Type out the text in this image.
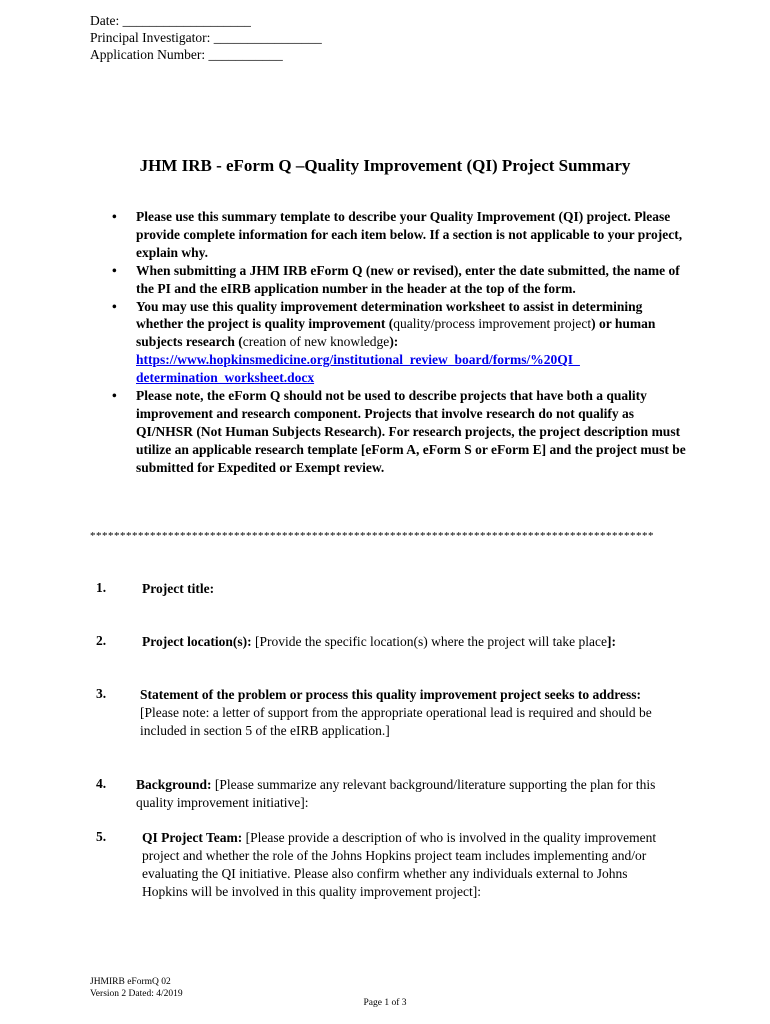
Date: ___________________
Principal Investigator: ________________
Application Number: ___________
JHM IRB - eForm Q –Quality Improvement (QI) Project Summary

• Please use this summary template to describe your Quality Improvement (QI) project. Please provide complete information for each item below. If a section is not applicable to your project, explain why.

• When submitting a JHM IRB eForm Q (new or revised), enter the date submitted, the name of the PI and the eIRB application number in the header at the top of the form.

• You may use this quality improvement determination worksheet to assist in determining whether the project is quality improvement (quality/process improvement project) or human subjects research (creation of new knowledge):
https://www.hopkinsmedicine.org/institutional_review_board/forms/%20QI_determination_worksheet.docx

• Please note, the eForm Q should not be used to describe projects that have both a quality improvement and research component. Projects that involve research do not qualify as QI/NHSR (Not Human Subjects Research). For research projects, the project description must utilize an applicable research template [eForm A, eForm S or eForm E] and the project must be submitted for Expedited or Exempt review.

**********************************************************************************************
1.	Project title:
2.	Project location(s): [Provide the specific location(s) where the project will take place]:
3.	Statement of the problem or process this quality improvement project seeks to address: [Please note: a letter of support from the appropriate operational lead is required and should be included in section 5 of the eIRB application.]
4. Background: [Please summarize any relevant background/literature supporting the plan for this quality improvement initiative]:
5.	QI Project Team: [Please provide a description of who is involved in the quality improvement project and whether the role of the Johns Hopkins project team includes implementing and/or evaluating the QI initiative. Please also confirm whether any individuals external to Johns Hopkins will be involved in this quality improvement project]:
JHMIRB eFormQ 02
Version 2 Dated: 4/2019
Page 1 of 3
